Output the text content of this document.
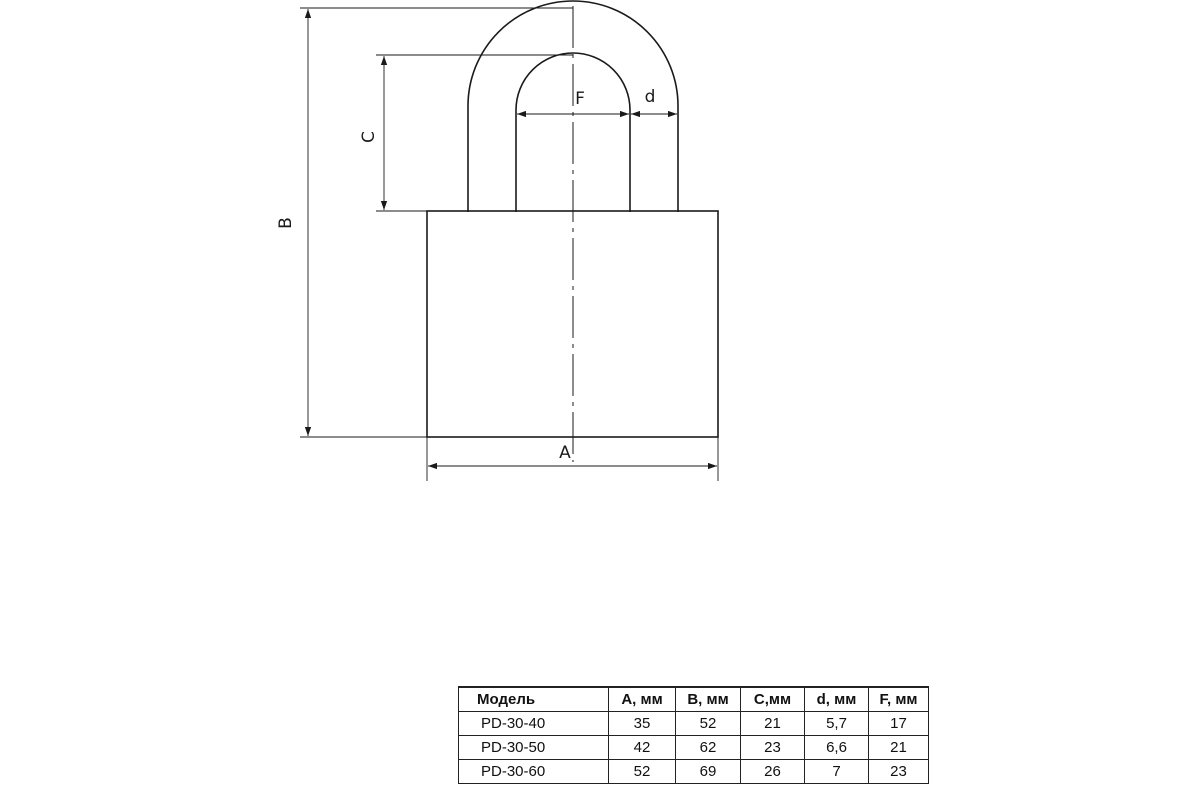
B
C
A
F	d
Модель	A, мм	B, мм	C,мм	d, мм	F, мм
PD-30-40	35	52	21	5,7	17
PD-30-50	42	62	23	6,6	21
PD-30-60	52	69	26	7	23
